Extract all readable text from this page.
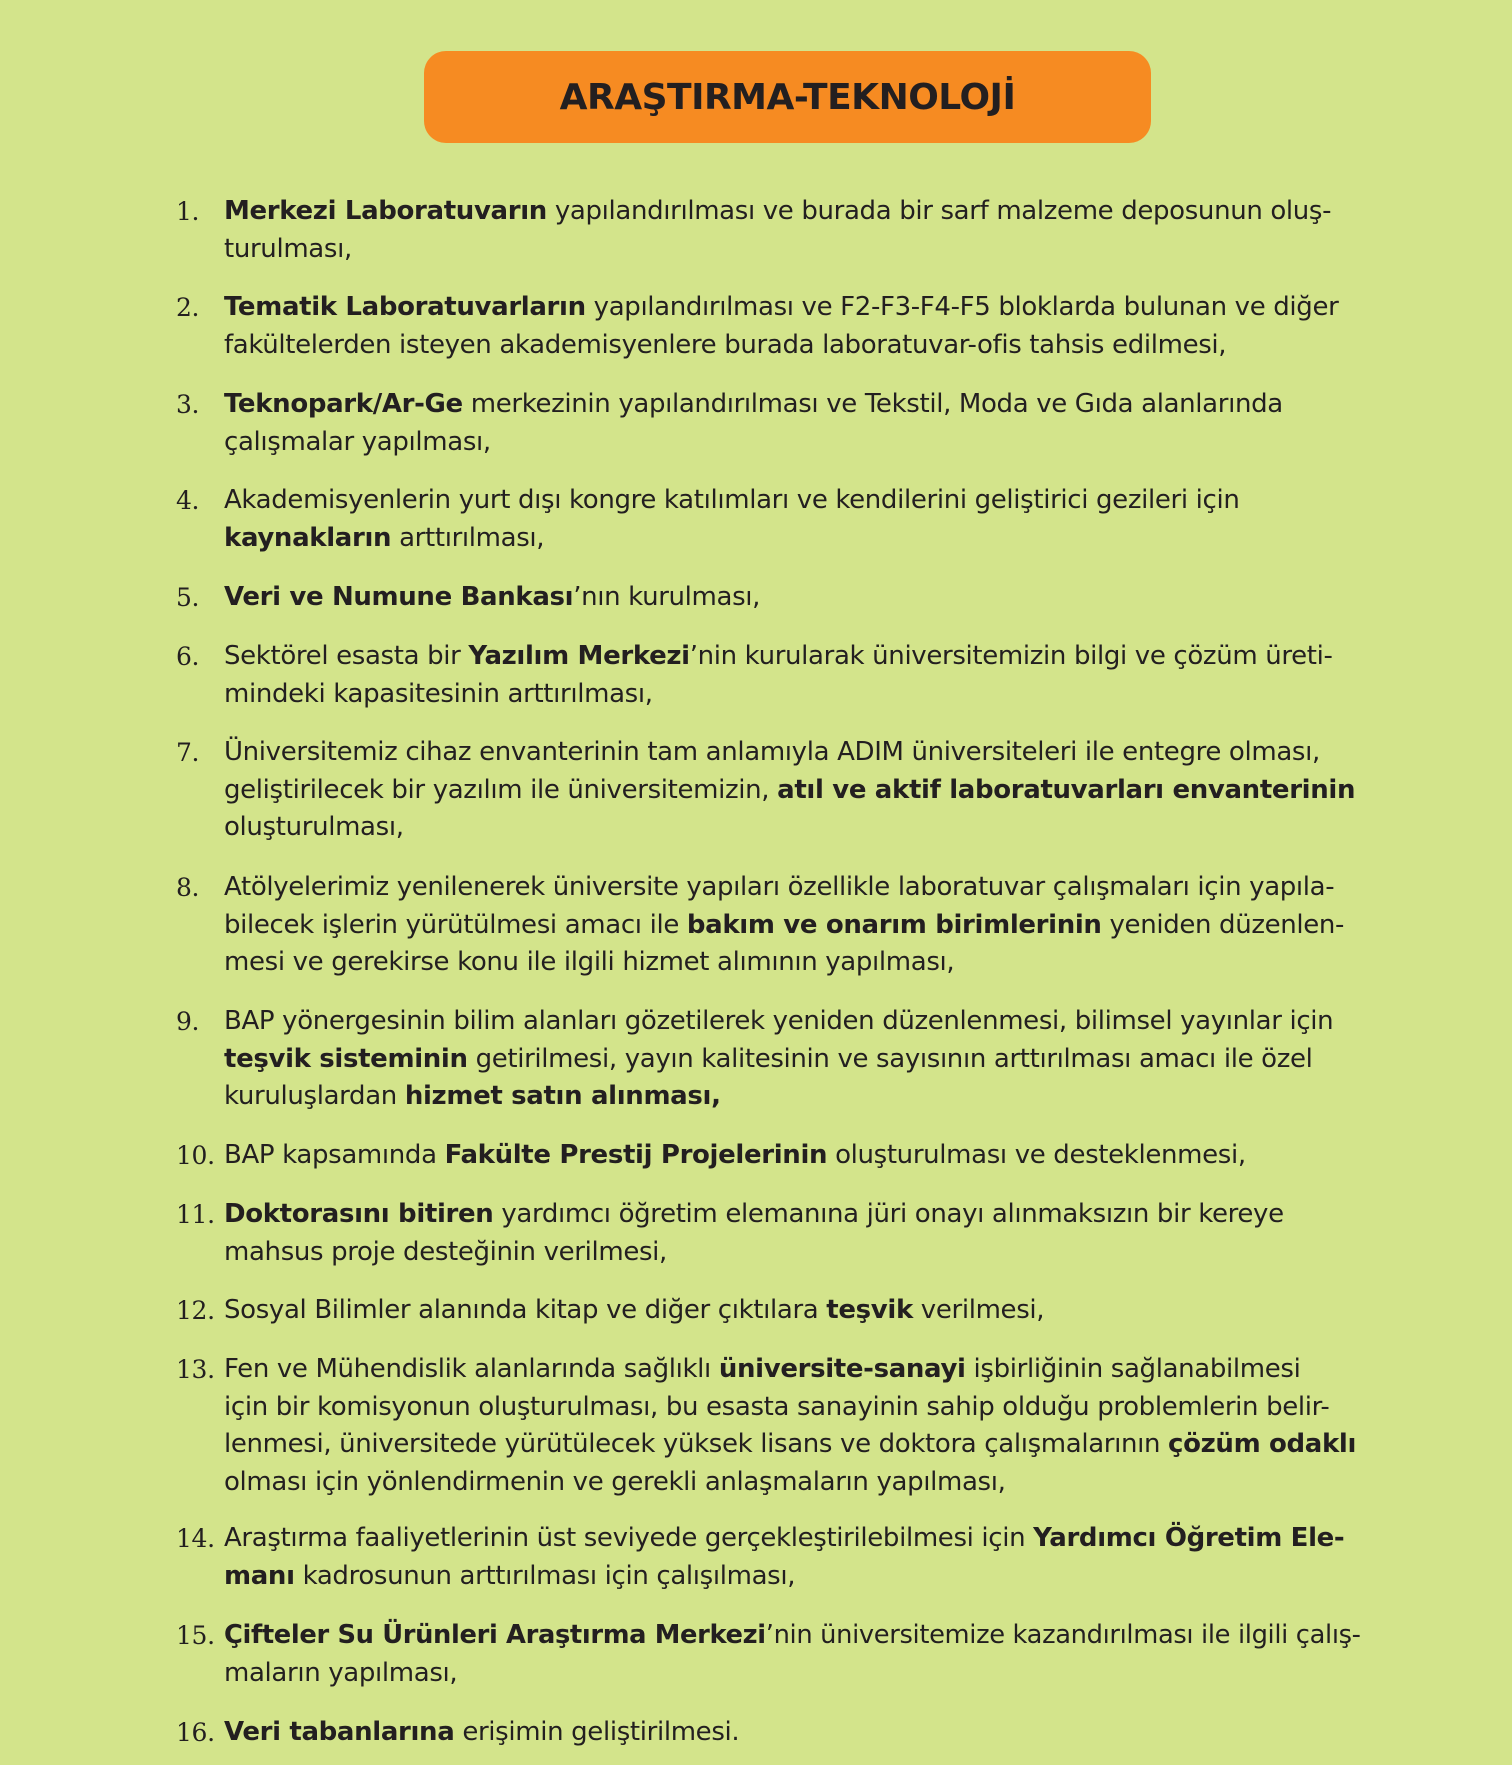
ARAŞTIRMA-TEKNOLOJİ
1. Merkezi Laboratuvarın yapılandırılması ve burada bir sarf malzeme deposunun oluş-
turulması,
2. Tematik Laboratuvarların yapılandırılması ve F2-F3-F4-F5 bloklarda bulunan ve diğer
fakültelerden isteyen akademisyenlere burada laboratuvar-ofis tahsis edilmesi,
3. Teknopark/Ar-Ge merkezinin yapılandırılması ve Tekstil, Moda ve Gıda alanlarında
çalışmalar yapılması,
4. Akademisyenlerin yurt dışı kongre katılımları ve kendilerini geliştirici gezileri için
kaynakların arttırılması,
5. Veri ve Numune Bankası’nın kurulması,
6. Sektörel esasta bir Yazılım Merkezi’nin kurularak üniversitemizin bilgi ve çözüm üreti-
mindeki kapasitesinin arttırılması,
7. Üniversitemiz cihaz envanterinin tam anlamıyla ADIM üniversiteleri ile entegre olması,
geliştirilecek bir yazılım ile üniversitemizin, atıl ve aktif laboratuvarları envanterinin
oluşturulması,
8. Atölyelerimiz yenilenerek üniversite yapıları özellikle laboratuvar çalışmaları için yapıla-
bilecek işlerin yürütülmesi amacı ile bakım ve onarım birimlerinin yeniden düzenlen-
mesi ve gerekirse konu ile ilgili hizmet alımının yapılması,
9. BAP yönergesinin bilim alanları gözetilerek yeniden düzenlenmesi, bilimsel yayınlar için
teşvik sisteminin getirilmesi, yayın kalitesinin ve sayısının arttırılması amacı ile özel
kuruluşlardan hizmet satın alınması,
10. BAP kapsamında Fakülte Prestij Projelerinin oluşturulması ve desteklenmesi,
11. Doktorasını bitiren yardımcı öğretim elemanına jüri onayı alınmaksızın bir kereye
mahsus proje desteğinin verilmesi,
12. Sosyal Bilimler alanında kitap ve diğer çıktılara teşvik verilmesi,
13. Fen ve Mühendislik alanlarında sağlıklı üniversite-sanayi işbirliğinin sağlanabilmesi
için bir komisyonun oluşturulması, bu esasta sanayinin sahip olduğu problemlerin belir-
lenmesi, üniversitede yürütülecek yüksek lisans ve doktora çalışmalarının çözüm odaklı
olması için yönlendirmenin ve gerekli anlaşmaların yapılması,
14. Araştırma faaliyetlerinin üst seviyede gerçekleştirilebilmesi için Yardımcı Öğretim Ele-
manı kadrosunun arttırılması için çalışılması,
15. Çifteler Su Ürünleri Araştırma Merkezi’nin üniversitemize kazandırılması ile ilgili çalış-
maların yapılması,
16. Veri tabanlarına erişimin geliştirilmesi.
